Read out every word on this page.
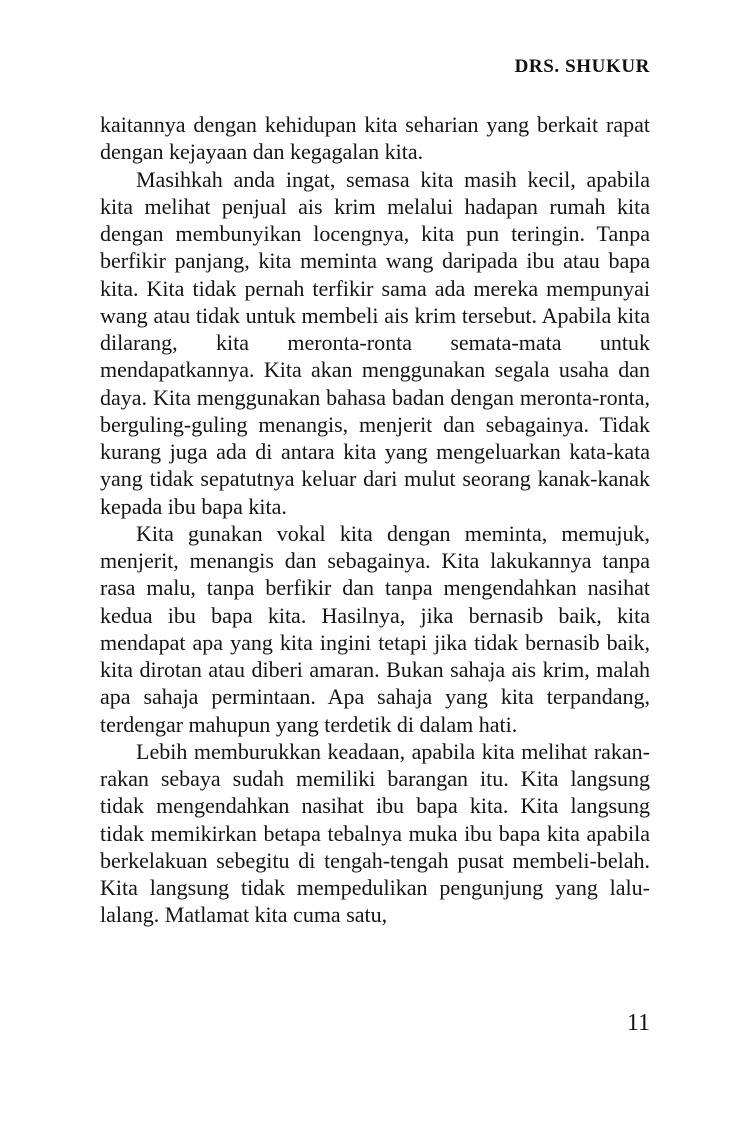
DRS. SHUKUR

kaitannya dengan kehidupan kita seharian yang berkait rapat dengan kejayaan dan kegagalan kita.

Masihkah anda ingat, semasa kita masih kecil, apabila kita melihat penjual ais krim melalui hadapan rumah kita dengan membunyikan locengnya, kita pun teringin. Tanpa berfikir panjang, kita meminta wang daripada ibu atau bapa kita. Kita tidak pernah terfikir sama ada mereka mempunyai wang atau tidak untuk membeli ais krim tersebut. Apabila kita dilarang, kita meronta-ronta semata-mata untuk mendapatkannya. Kita akan menggunakan segala usaha dan daya. Kita menggunakan bahasa badan dengan meronta-ronta, berguling-guling menangis, menjerit dan sebagainya. Tidak kurang juga ada di antara kita yang mengeluarkan kata-kata yang tidak sepatutnya keluar dari mulut seorang kanak-kanak kepada ibu bapa kita.

Kita gunakan vokal kita dengan meminta, memujuk, menjerit, menangis dan sebagainya. Kita lakukannya tanpa rasa malu, tanpa berfikir dan tanpa mengendahkan nasihat kedua ibu bapa kita. Hasilnya, jika bernasib baik, kita mendapat apa yang kita ingini tetapi jika tidak bernasib baik, kita dirotan atau diberi amaran. Bukan sahaja ais krim, malah apa sahaja permintaan. Apa sahaja yang kita terpandang, terdengar mahupun yang terdetik di dalam hati.

Lebih memburukkan keadaan, apabila kita melihat rakan-rakan sebaya sudah memiliki barangan itu. Kita langsung tidak mengendahkan nasihat ibu bapa kita. Kita langsung tidak memikirkan betapa tebalnya muka ibu bapa kita apabila berkelakuan sebegitu di tengah-tengah pusat membeli-belah. Kita langsung tidak mempedulikan pengunjung yang lalu-lalang. Matlamat kita cuma satu,

11
